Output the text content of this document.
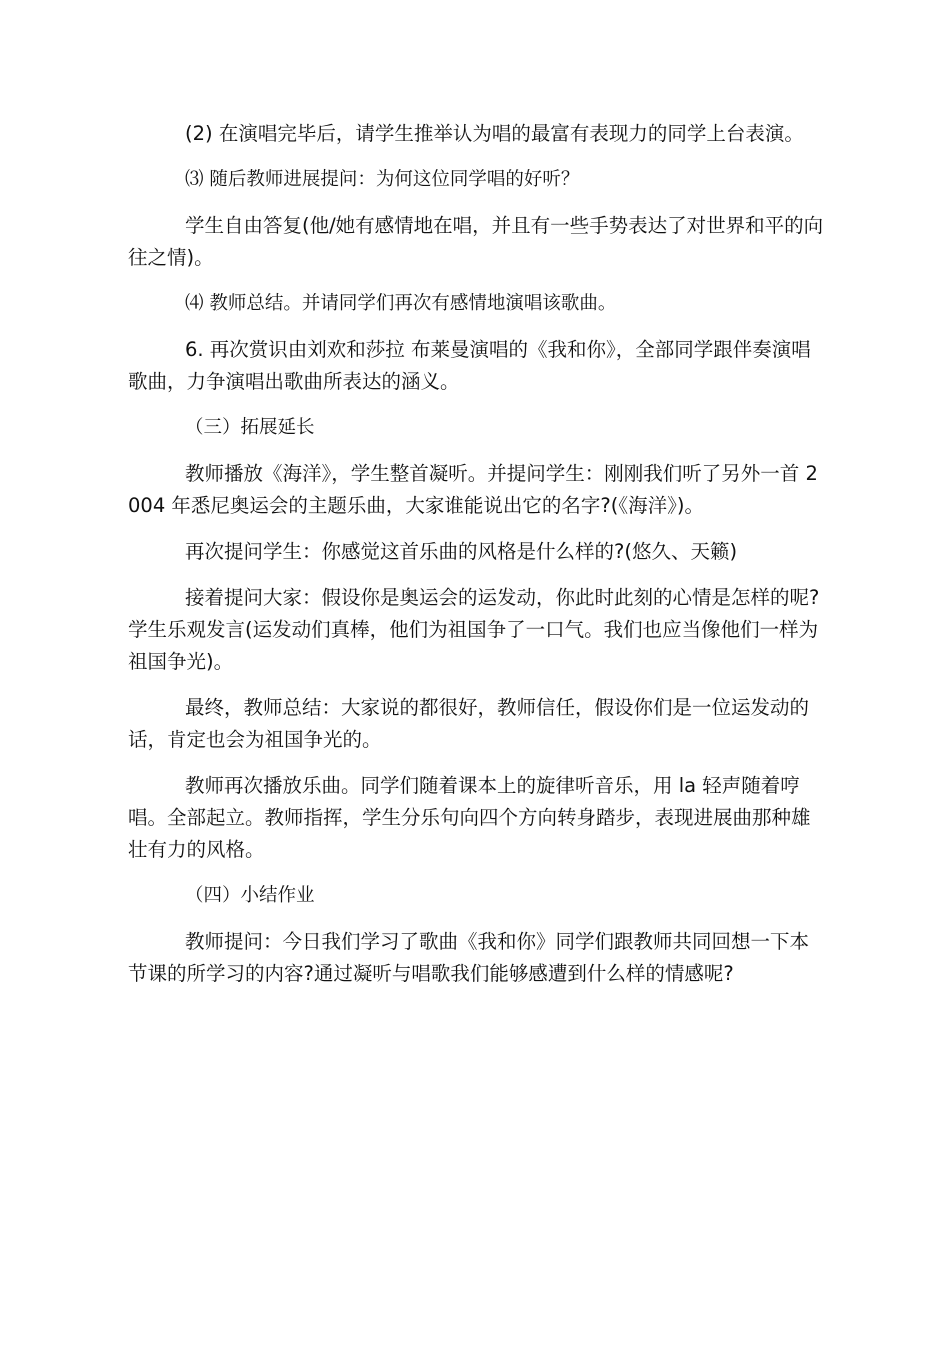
(2) 在演唱完毕后，请学生推举认为唱的最富有表现力的同学上台表演。

⑶ 随后教师进展提问：为何这位同学唱的好听？

学生自由答复(他/她有感情地在唱，并且有一些手势表达了对世界和平的向往之情)。

⑷ 教师总结。并请同学们再次有感情地演唱该歌曲。

6. 再次赏识由刘欢和莎拉 布莱曼演唱的《我和你》，全部同学跟伴奏演唱歌曲，力争演唱出歌曲所表达的涵义。

（三）拓展延长

教师播放《海洋》，学生整首凝听。并提问学生：刚刚我们听了另外一首 2004 年悉尼奥运会的主题乐曲，大家谁能说出它的名字?(《海洋》)。

再次提问学生：你感觉这首乐曲的风格是什么样的?(悠久、天籁)

接着提问大家：假设你是奥运会的运发动，你此时此刻的心情是怎样的呢?学生乐观发言(运发动们真棒，他们为祖国争了一口气。我们也应当像他们一样为祖国争光)。

最终，教师总结：大家说的都很好，教师信任，假设你们是一位运发动的话，肯定也会为祖国争光的。

教师再次播放乐曲。同学们随着课本上的旋律听音乐，用 la 轻声随着哼唱。全部起立。教师指挥，学生分乐句向四个方向转身踏步，表现进展曲那种雄壮有力的风格。

（四）小结作业

教师提问：今日我们学习了歌曲《我和你》同学们跟教师共同回想一下本节课的所学习的内容?通过凝听与唱歌我们能够感遭到什么样的情感呢?
